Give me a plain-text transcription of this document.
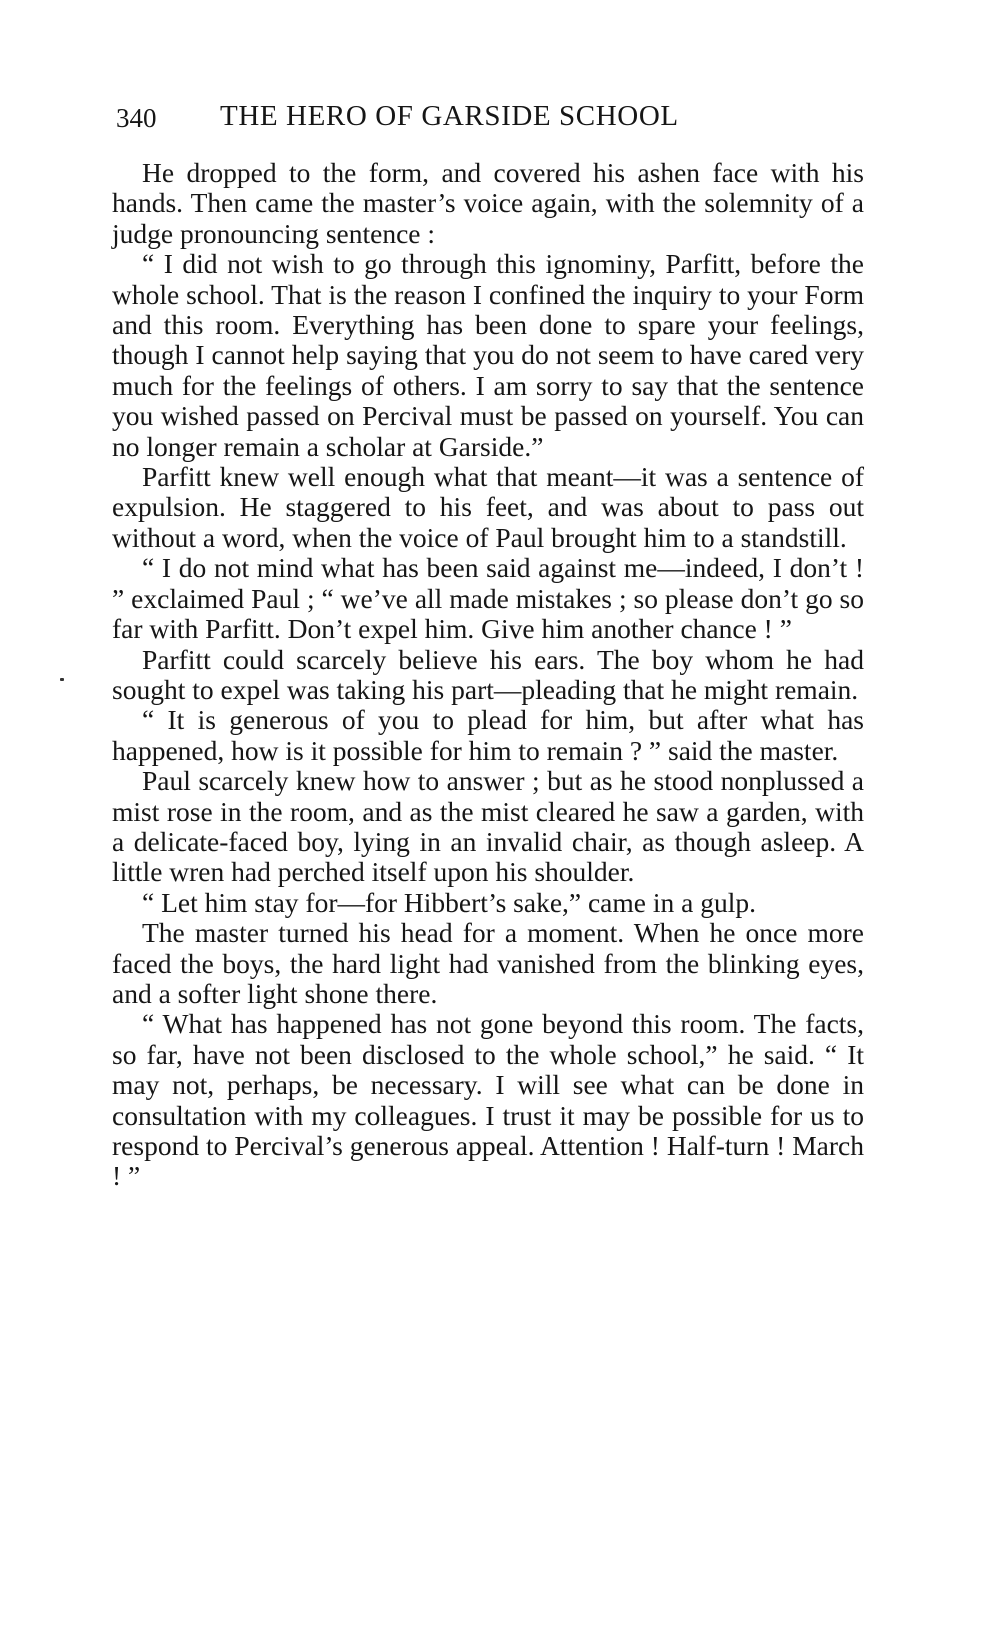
340 THE HERO OF GARSIDE SCHOOL

He dropped to the form, and covered his ashen face with his hands. Then came the master’s voice again, with the solemnity of a judge pronouncing sentence :

“ I did not wish to go through this ignominy, Parfitt, before the whole school. That is the reason I confined the inquiry to your Form and this room. Everything has been done to spare your feelings, though I cannot help saying that you do not seem to have cared very much for the feelings of others. I am sorry to say that the sentence you wished passed on Percival must be passed on yourself. You can no longer remain a scholar at Garside.”

Parfitt knew well enough what that meant—it was a sentence of expulsion. He staggered to his feet, and was about to pass out without a word, when the voice of Paul brought him to a standstill.

“ I do not mind what has been said against me—indeed, I don’t ! ” exclaimed Paul ; “ we’ve all made mistakes ; so please don’t go so far with Parfitt. Don’t expel him. Give him another chance ! ”

Parfitt could scarcely believe his ears. The boy whom he had sought to expel was taking his part—pleading that he might remain.

“ It is generous of you to plead for him, but after what has happened, how is it possible for him to remain ? ” said the master.

Paul scarcely knew how to answer ; but as he stood nonplussed a mist rose in the room, and as the mist cleared he saw a garden, with a delicate-faced boy, lying in an invalid chair, as though asleep. A little wren had perched itself upon his shoulder.

“ Let him stay for—for Hibbert’s sake,” came in a gulp.

The master turned his head for a moment. When he once more faced the boys, the hard light had vanished from the blinking eyes, and a softer light shone there.

“ What has happened has not gone beyond this room. The facts, so far, have not been disclosed to the whole school,” he said. “ It may not, perhaps, be necessary. I will see what can be done in consultation with my colleagues. I trust it may be possible for us to respond to Percival’s generous appeal. Attention ! Half-turn ! March ! ”
